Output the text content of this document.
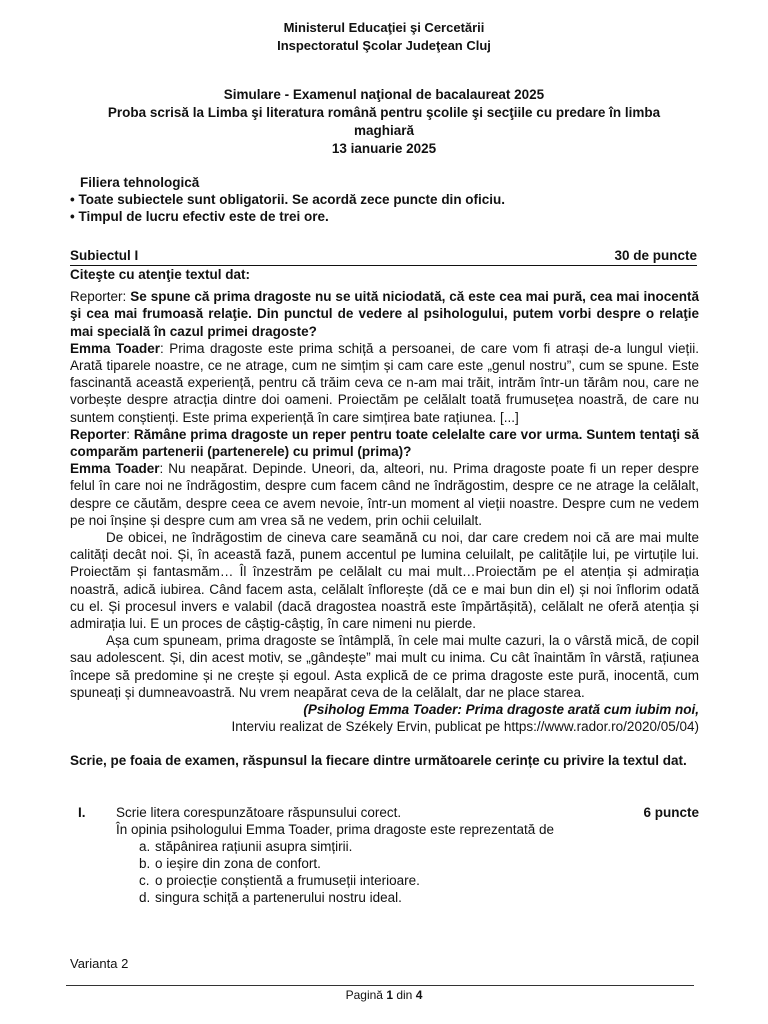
Ministerul Educaţiei şi Cercetării
Inspectoratul Şcolar Judeţean Cluj
Simulare - Examenul naţional de bacalaureat 2025
Proba scrisă la Limba şi literatura română pentru şcolile şi secţiile cu predare în limba
maghiară
13 ianuarie 2025
Filiera tehnologică
• Toate subiectele sunt obligatorii. Se acordă zece puncte din oficiu.
• Timpul de lucru efectiv este de trei ore.
Subiectul I	30 de puncte

Citeşte cu atenţie textul dat:

Reporter: Se spune că prima dragoste nu se uită niciodată, că este cea mai pură, cea mai inocentă şi cea mai frumoasă relaţie. Din punctul de vedere al psihologului, putem vorbi despre o relaţie mai specială în cazul primei dragoste?

Emma Toader: Prima dragoste este prima schiță a persoanei, de care vom fi atrași de-a lungul vieții. Arată tiparele noastre, ce ne atrage, cum ne simțim și cam care este „genul nostru”, cum se spune. Este fascinantă această experiență, pentru că trăim ceva ce n-am mai trăit, intrăm într-un tărâm nou, care ne vorbește despre atracția dintre doi oameni. Proiectăm pe celălalt toată frumusețea noastră, de care nu suntem conștienți. Este prima experiență în care simțirea bate rațiunea. [...]

Reporter: Rămâne prima dragoste un reper pentru toate celelalte care vor urma. Suntem tentaţi să comparăm partenerii (partenerele) cu primul (prima)?

Emma Toader: Nu neapărat. Depinde. Uneori, da, alteori, nu. Prima dragoste poate fi un reper despre felul în care noi ne îndrăgostim, despre cum facem când ne îndrăgostim, despre ce ne atrage la celălalt, despre ce căutăm, despre ceea ce avem nevoie, într-un moment al vieții noastre. Despre cum ne vedem pe noi înșine și despre cum am vrea să ne vedem, prin ochii celuilalt.

De obicei, ne îndrăgostim de cineva care seamănă cu noi, dar care credem noi că are mai multe calități decât noi. Și, în această fază, punem accentul pe lumina celuilalt, pe calitățile lui, pe virtuțile lui. Proiectăm și fantasmăm… Îl înzestrăm pe celălalt cu mai mult…Proiectăm pe el atenția și admirația noastră, adică iubirea. Când facem asta, celălalt înflorește (dă ce e mai bun din el) și noi înflorim odată cu el. Și procesul invers e valabil (dacă dragostea noastră este împărtășită), celălalt ne oferă atenția și admirația lui. E un proces de câștig-câștig, în care nimeni nu pierde.

Așa cum spuneam, prima dragoste se întâmplă, în cele mai multe cazuri, la o vârstă mică, de copil sau adolescent. Și, din acest motiv, se „gândește” mai mult cu inima. Cu cât înaintăm în vârstă, rațiunea începe să predomine și ne crește și egoul. Asta explică de ce prima dragoste este pură, inocentă, cum spuneați și dumneavoastră. Nu vrem neapărat ceva de la celălalt, dar ne place starea.

(Psiholog Emma Toader: Prima dragoste arată cum iubim noi,

Interviu realizat de Székely Ervin, publicat pe https://www.rador.ro/2020/05/04)

Scrie, pe foaia de examen, răspunsul la fiecare dintre următoarele cerințe cu privire la textul dat.
I. Scrie litera corespunzătoare răspunsului corect.	6 puncte
În opinia psihologului Emma Toader, prima dragoste este reprezentată de
a. stăpânirea rațiunii asupra simțirii.
b. o ieșire din zona de confort.
c. o proiecție conștientă a frumuseții interioare.
d. singura schiță a partenerului nostru ideal.
Varianta 2
Pagină 1 din 4
